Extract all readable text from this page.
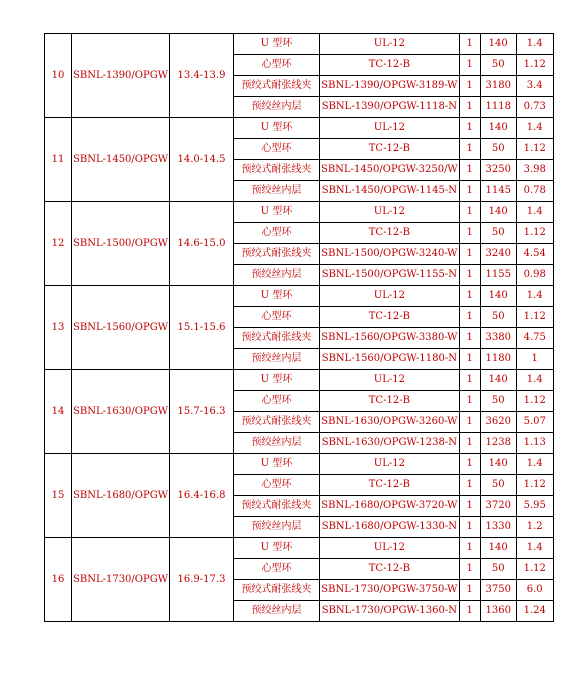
10	SBNL-1390/OPGW	13.4-13.9	U 型环	UL-12	1	140	1.4
			心型环	TC-12-B	1	50	1.12
			预绞式耐张线夹	SBNL-1390/OPGW-3189-W	1	3180	3.4
			预绞丝内层	SBNL-1390/OPGW-1118-N	1	1118	0.73
11	SBNL-1450/OPGW	14.0-14.5	U 型环	UL-12	1	140	1.4
			心型环	TC-12-B	1	50	1.12
			预绞式耐张线夹	SBNL-1450/OPGW-3250/W	1	3250	3.98
			预绞丝内层	SBNL-1450/OPGW-1145-N	1	1145	0.78
12	SBNL-1500/OPGW	14.6-15.0	U 型环	UL-12	1	140	1.4
			心型环	TC-12-B	1	50	1.12
			预绞式耐张线夹	SBNL-1500/OPGW-3240-W	1	3240	4.54
			预绞丝内层	SBNL-1500/OPGW-1155-N	1	1155	0.98
13	SBNL-1560/OPGW	15.1-15.6	U 型环	UL-12	1	140	1.4
			心型环	TC-12-B	1	50	1.12
			预绞式耐张线夹	SBNL-1560/OPGW-3380-W	1	3380	4.75
			预绞丝内层	SBNL-1560/OPGW-1180-N	1	1180	1
14	SBNL-1630/OPGW	15.7-16.3	U 型环	UL-12	1	140	1.4
			心型环	TC-12-B	1	50	1.12
			预绞式耐张线夹	SBNL-1630/OPGW-3260-W	1	3620	5.07
			预绞丝内层	SBNL-1630/OPGW-1238-N	1	1238	1.13
15	SBNL-1680/OPGW	16.4-16.8	U 型环	UL-12	1	140	1.4
			心型环	TC-12-B	1	50	1.12
			预绞式耐张线夹	SBNL-1680/OPGW-3720-W	1	3720	5.95
			预绞丝内层	SBNL-1680/OPGW-1330-N	1	1330	1.2
16	SBNL-1730/OPGW	16.9-17.3	U 型环	UL-12	1	140	1.4
			心型环	TC-12-B	1	50	1.12
			预绞式耐张线夹	SBNL-1730/OPGW-3750-W	1	3750	6.0
			预绞丝内层	SBNL-1730/OPGW-1360-N	1	1360	1.24
